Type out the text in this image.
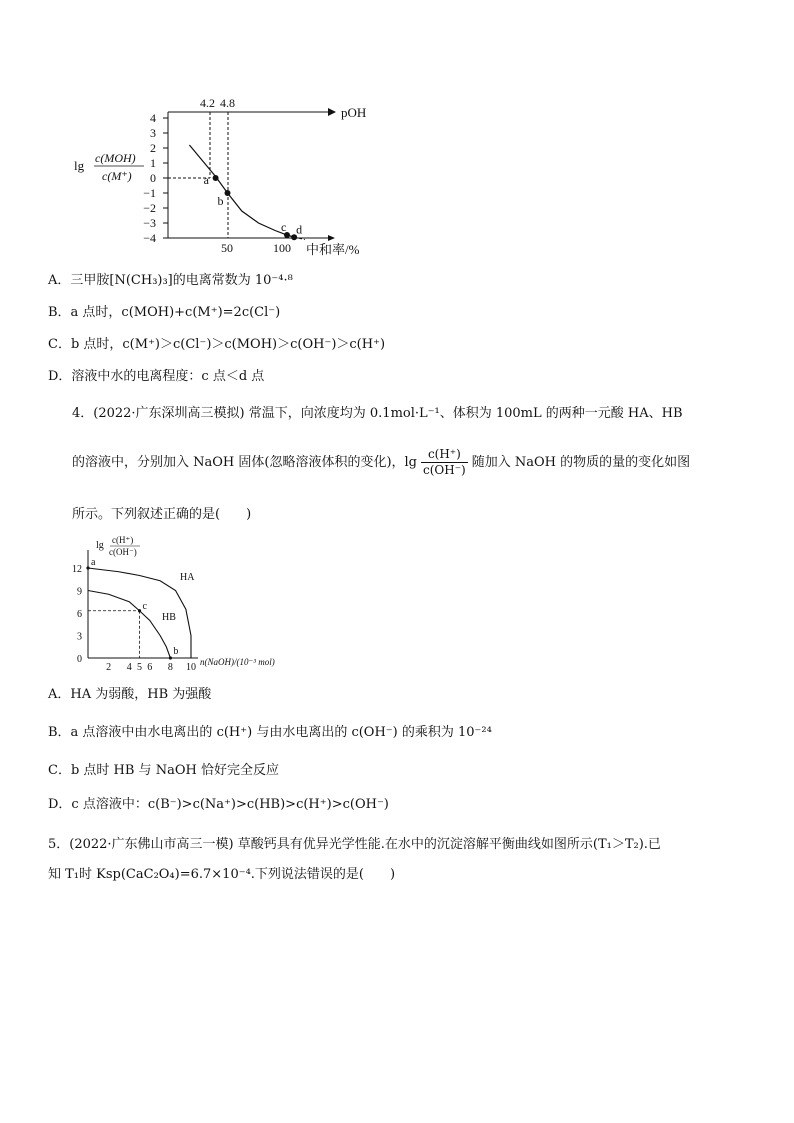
pOH
4.2 4.8
4
3
2
1
0
−1
−2
−3
−4
a
b
c d
50	100 中和率/%
lg c(MOH)
c(M⁺)
A．三甲胺[N(CH₃)₃]的电离常数为 10⁻⁴·⁸
B．a 点时，c(MOH)+c(M⁺)=2c(Cl⁻)
C．b 点时，c(M⁺)＞c(Cl⁻)＞c(MOH)＞c(OH⁻)＞c(H⁺)
D．溶液中水的电离程度：c 点＜d 点
4．(2022·广东深圳高三模拟) 常温下，向浓度均为 0.1mol·L⁻¹、体积为 100mL 的两种一元酸 HA、HB
的溶液中，分别加入 NaOH 固体(忽略溶液体积的变化)，$\lg \frac{c(H^+)}{c(OH^-)}$ 随加入 NaOH 的物质的量的变化如图
所示。下列叙述正确的是(　　)
lg c(H⁺)
c(OH⁻)
12
9
6
3
0
2 4 5 6 8 10
a
c
b
HA
HB
n(NaOH)/(10⁻³ mol)
A．HA 为弱酸，HB 为强酸
B．a 点溶液中由水电离出的 c(H⁺) 与由水电离出的 c(OH⁻) 的乘积为 10⁻²⁴
C．b 点时 HB 与 NaOH 恰好完全反应
D．c 点溶液中：c(B⁻)>c(Na⁺)>c(HB)>c(H⁺)>c(OH⁻)
5．(2022·广东佛山市高三一模) 草酸钙具有优异光学性能.在水中的沉淀溶解平衡曲线如图所示(T₁＞T₂).已
知 T₁时 Ksp(CaC₂O₄)=6.7×10⁻⁴.下列说法错误的是(　　)
